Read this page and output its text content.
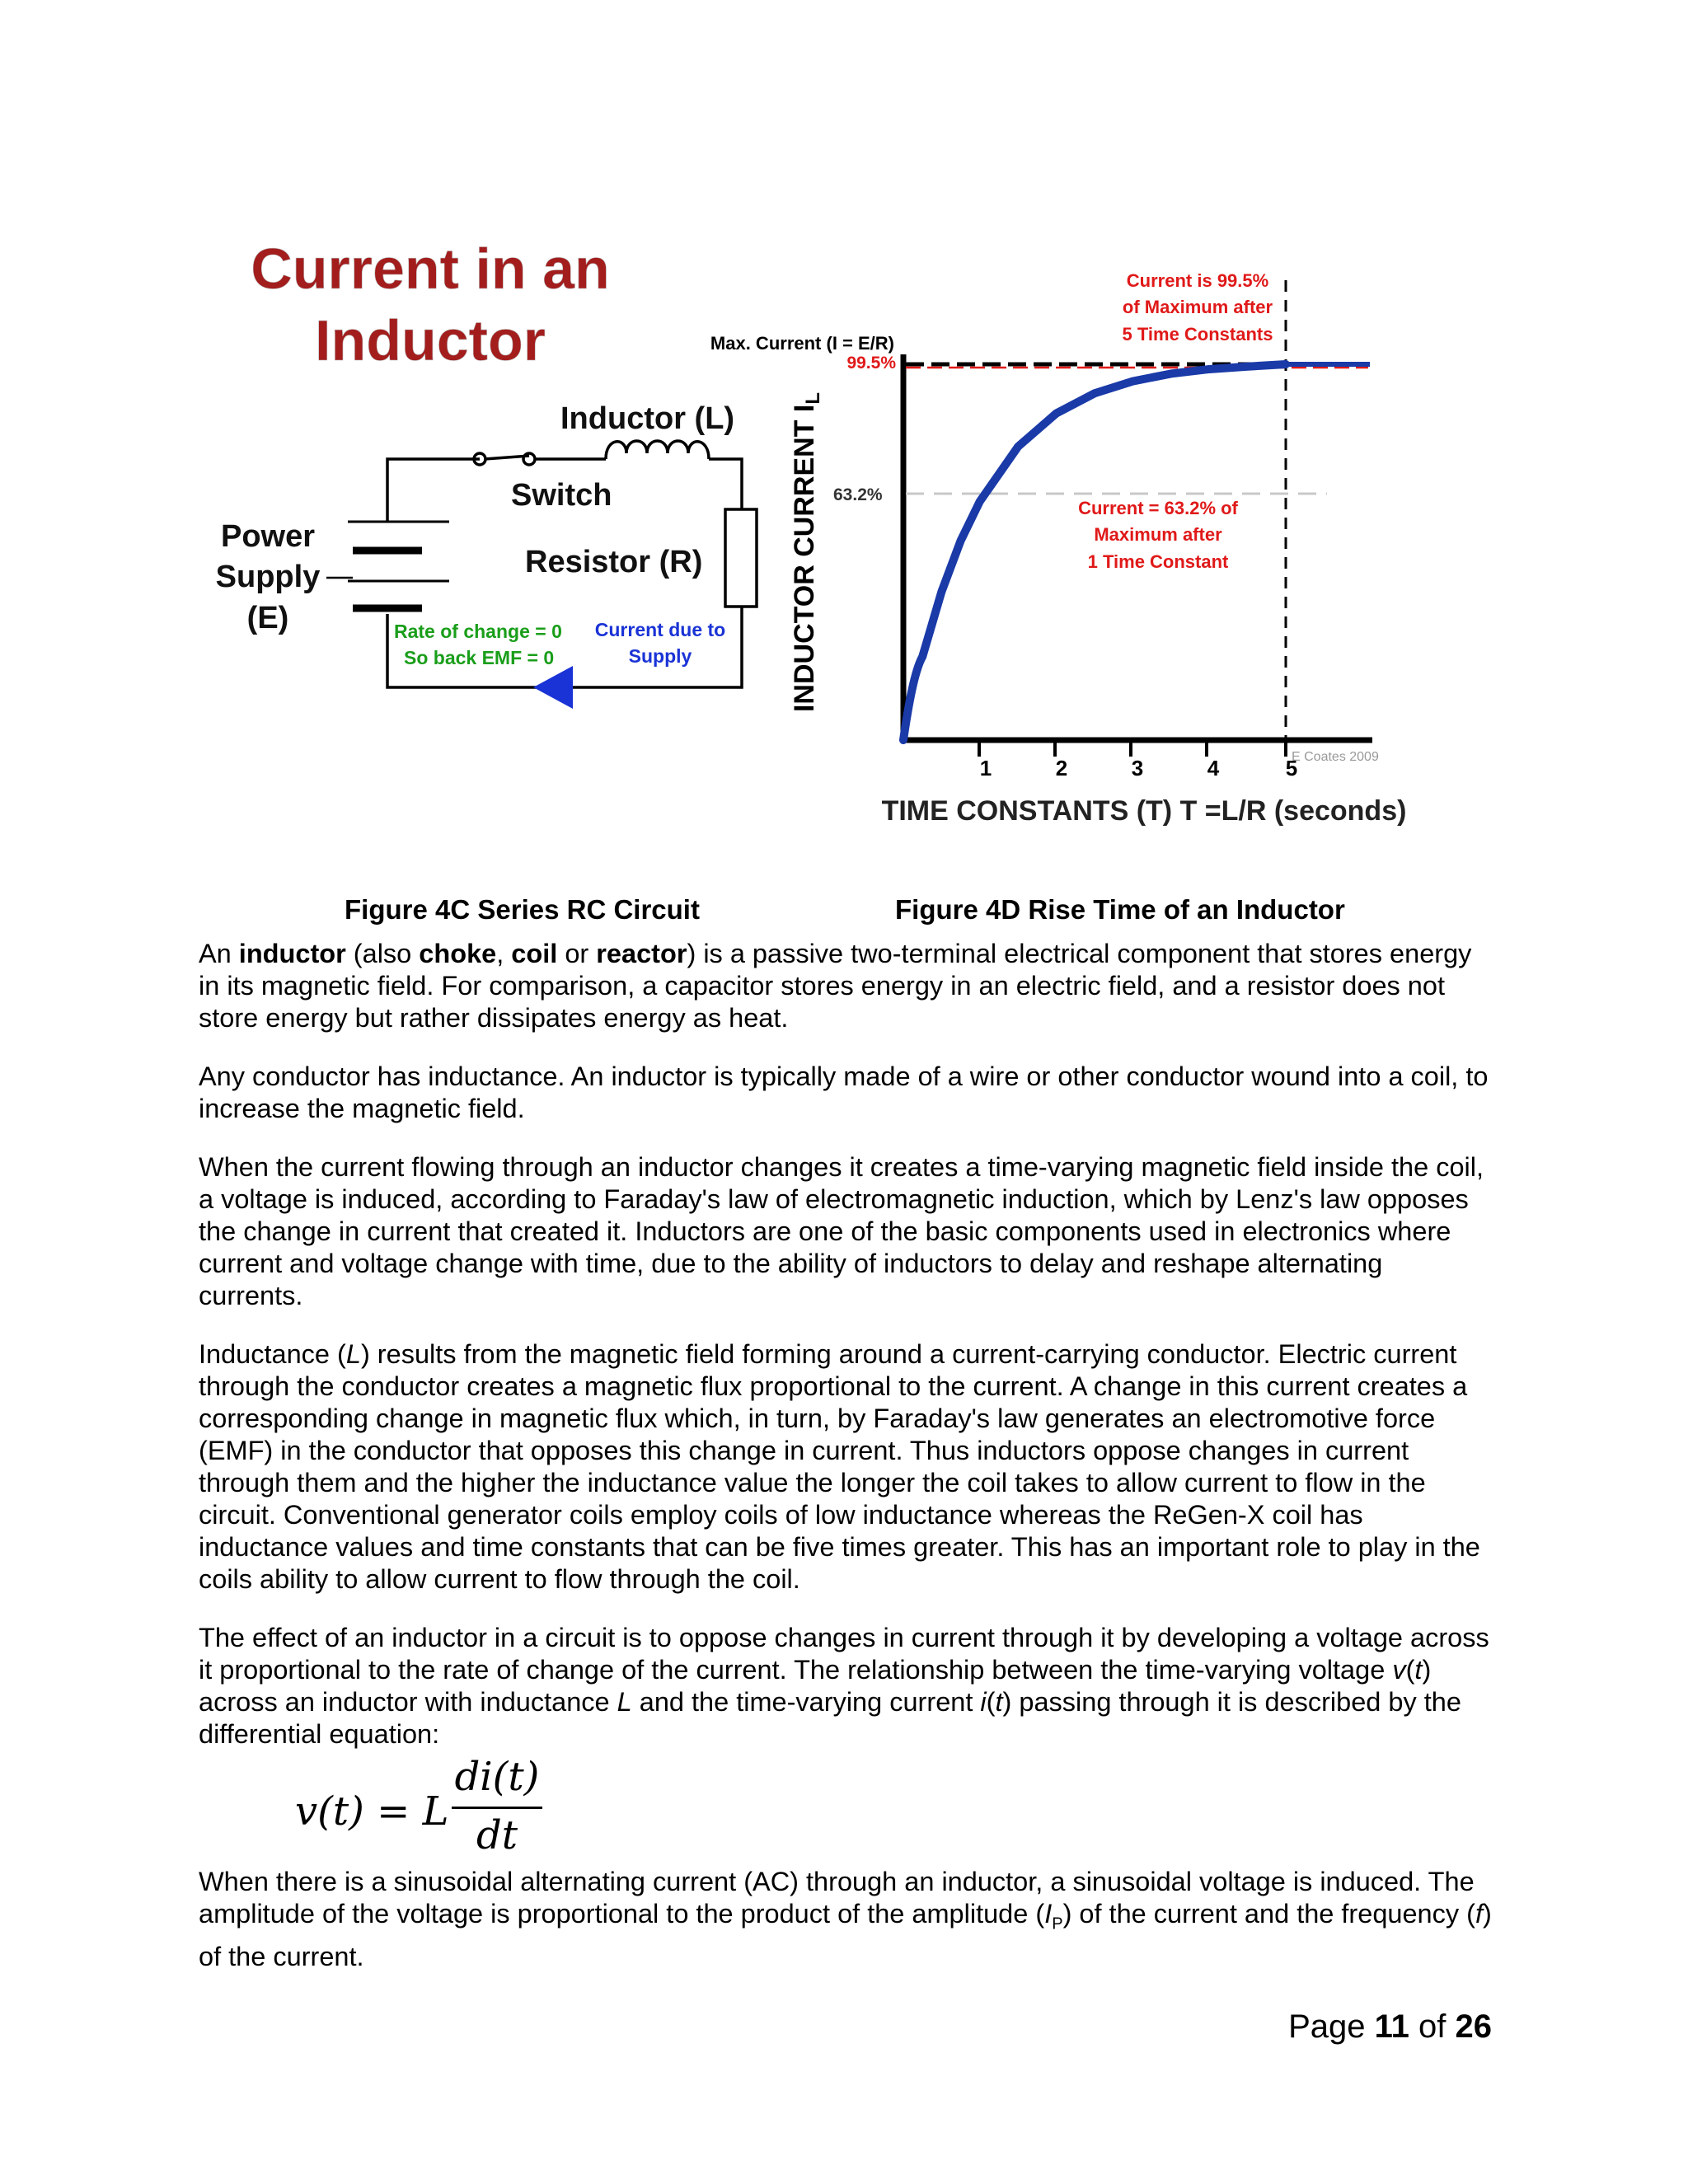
Current in an
Inductor
Inductor (L)
Switch
Resistor (R)
Power
Supply
(E)	Rate of change = 0
So back EMF = 0
Current due to
Supply
1	2	3	4	5
INDUCTOR CURRENT $I_L$
TIME CONSTANTS (T) T =L/R (seconds)
Max. Current (I = E/R)
99.5%
63.2%
Current is 99.5%
of Maximum after
5 Time Constants
Current = 63.2% of
Maximum after
1 Time Constant
E Coates 2009
Figure 4C Series RC Circuit	Figure 4D Rise Time of an Inductor

An inductor (also choke, coil or reactor) is a passive two-terminal electrical component that stores energy in its magnetic field. For comparison, a capacitor stores energy in an electric field, and a resistor does not store energy but rather dissipates energy as heat.

Any conductor has inductance. An inductor is typically made of a wire or other conductor wound into a coil, to increase the magnetic field.

When the current flowing through an inductor changes it creates a time-varying magnetic field inside the coil, a voltage is induced, according to Faraday's law of electromagnetic induction, which by Lenz's law opposes the change in current that created it. Inductors are one of the basic components used in electronics where current and voltage change with time, due to the ability of inductors to delay and reshape alternating currents.

Inductance (L) results from the magnetic field forming around a current-carrying conductor. Electric current through the conductor creates a magnetic flux proportional to the current. A change in this current creates a corresponding change in magnetic flux which, in turn, by Faraday's law generates an electromotive force (EMF) in the conductor that opposes this change in current. Thus inductors oppose changes in current through them and the higher the inductance value the longer the coil takes to allow current to flow in the circuit. Conventional generator coils employ coils of low inductance whereas the ReGen-X coil has inductance values and time constants that can be five times greater. This has an important role to play in the coils ability to allow current to flow through the coil.

The effect of an inductor in a circuit is to oppose changes in current through it by developing a voltage across it proportional to the rate of change of the current. The relationship between the time-varying voltage v(t) across an inductor with inductance L and the time-varying current i(t) passing through it is described by the differential equation:

v(t) = L
di(t)
dt

When there is a sinusoidal alternating current (AC) through an inductor, a sinusoidal voltage is induced. The amplitude of the voltage is proportional to the product of the amplitude $(I_P)$ of the current and the frequency (f) of the current.

Page 11 of 26
